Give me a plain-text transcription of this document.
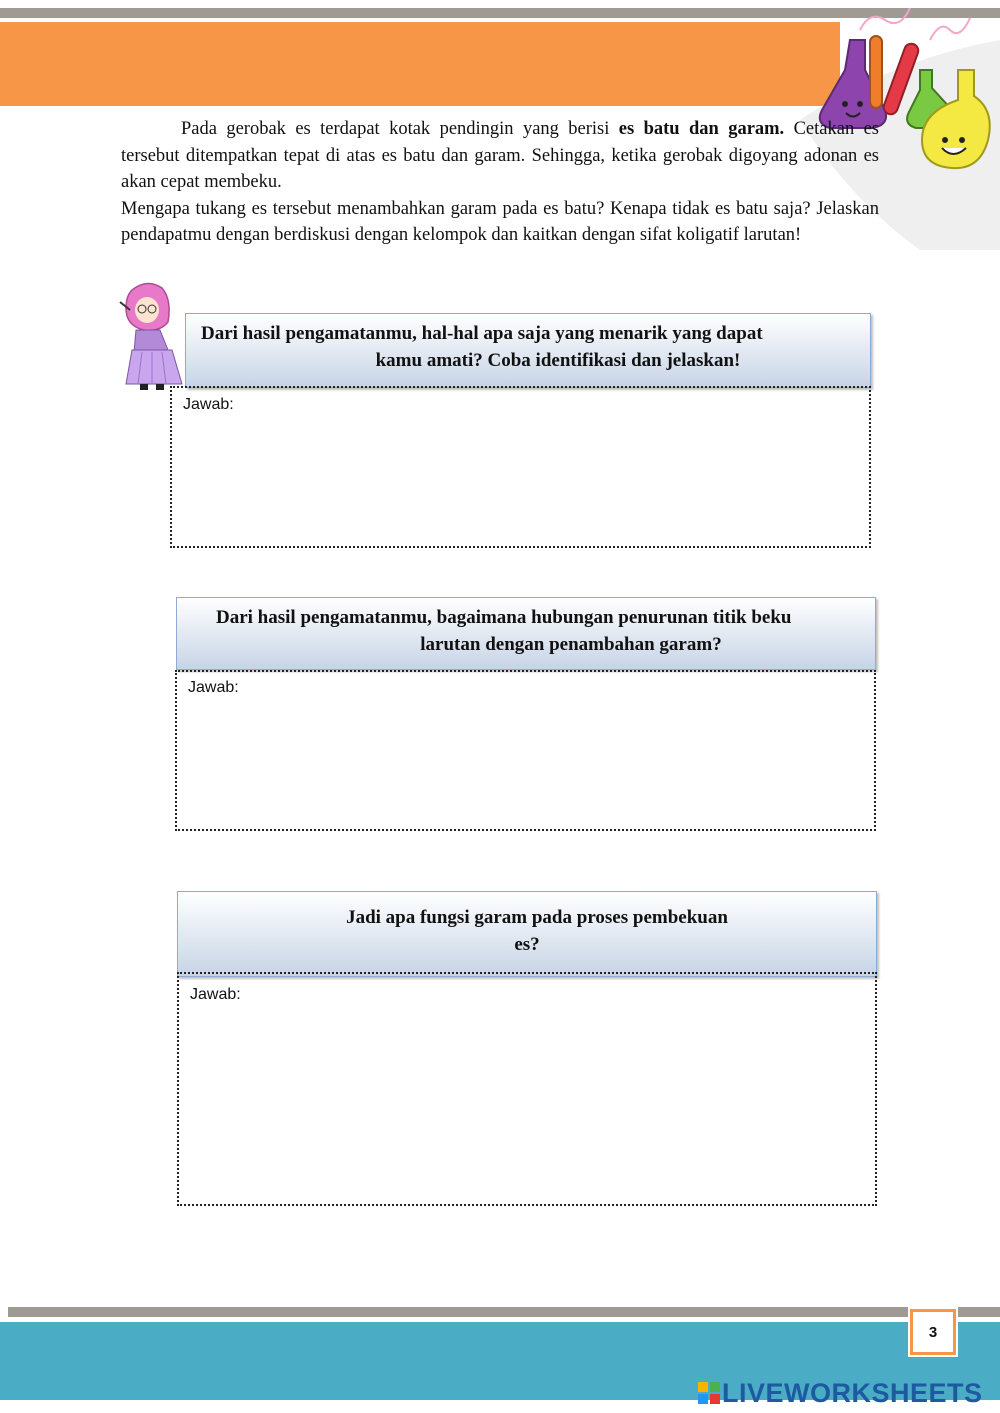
Pada gerobak es terdapat kotak pendingin yang berisi es batu dan garam. Cetakan es tersebut ditempatkan tepat di atas es batu dan garam. Sehingga, ketika gerobak digoyang adonan es akan cepat membeku.

Mengapa tukang es tersebut menambahkan garam pada es batu? Kenapa tidak es batu saja? Jelaskan pendapatmu dengan berdiskusi dengan kelompok dan kaitkan dengan sifat koligatif larutan!

Dari hasil pengamatanmu, hal-hal apa saja yang menarik yang dapat
kamu amati? Coba identifikasi dan jelaskan!
Jawab:
Dari hasil pengamatanmu, bagaimana hubungan penurunan titik beku
larutan dengan penambahan garam?
Jawab:
Jadi apa fungsi garam pada proses pembekuan
es?
Jawab:
3
LIVEWORKSHEETS
